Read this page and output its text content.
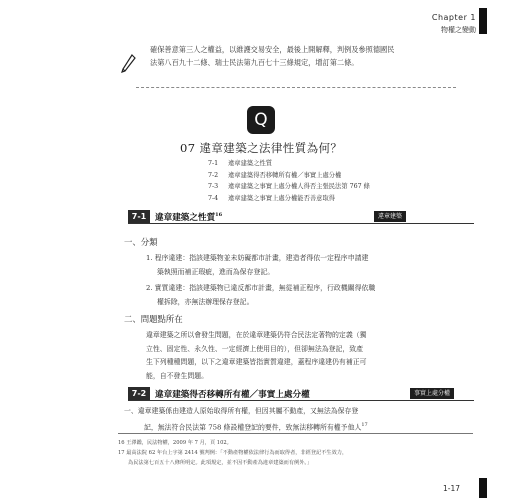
Chapter 1
物權之變動
確保善意第三人之權益，以維護交易安全，最後上開解釋，判例及參照德國民
法第八百九十二條、瑞士民法第九百七十三條規定，增訂第二條。
Q
07 違章建築之法律性質為何？
7-1 違章建築之性質
7-2 違章建築得否移轉所有權／事實上處分權
7-3 違章建築之事實上處分權人得否主張民法第 767 條
7-4 違章建築之事實上處分權能否善意取得
7-1	違章建築之性質$^{16}$	違章建築
一、分類
1. 程序違建：指該建築物並未妨礙都市計畫，建造者得依一定程序申請建
築執照而補正瑕疵，進而為保存登記。
2. 實質違建：指該建築物已違反都市計畫，無從補正程序，行政機關得依職
權拆除，亦無法辦理保存登記。
二、問題點所在
違章建築之所以會發生問題，在於違章建築仍符合民法定著物的定義（獨
立性、固定性、永久性、一定經濟上使用目的），但卻無法為登記，致產
生下列種種問題，以下之違章建築皆指實質違建，蓋程序違建仍有補正可
能，自不發生問題。
7-2	違章建築得否移轉所有權／事實上處分權	事實上處分權
一、違章建築係由建造人原始取得所有權，但因其屬不動產，又無法為保存登
記，無法符合民法第 758 條設權登記的要件，致無法移轉所有權予他人$^{17}$
16 王澤鑑，民法物權，2009 年 7 月，頁 102。
17 最高法院 62 年台上字第 2414 號判例：「不動產物權依法律行為而取得者，非經登記不生效力，
為民法第七百五十八條所明定。此項規定，並不因不動產為違章建築而有例外。」
1-17
